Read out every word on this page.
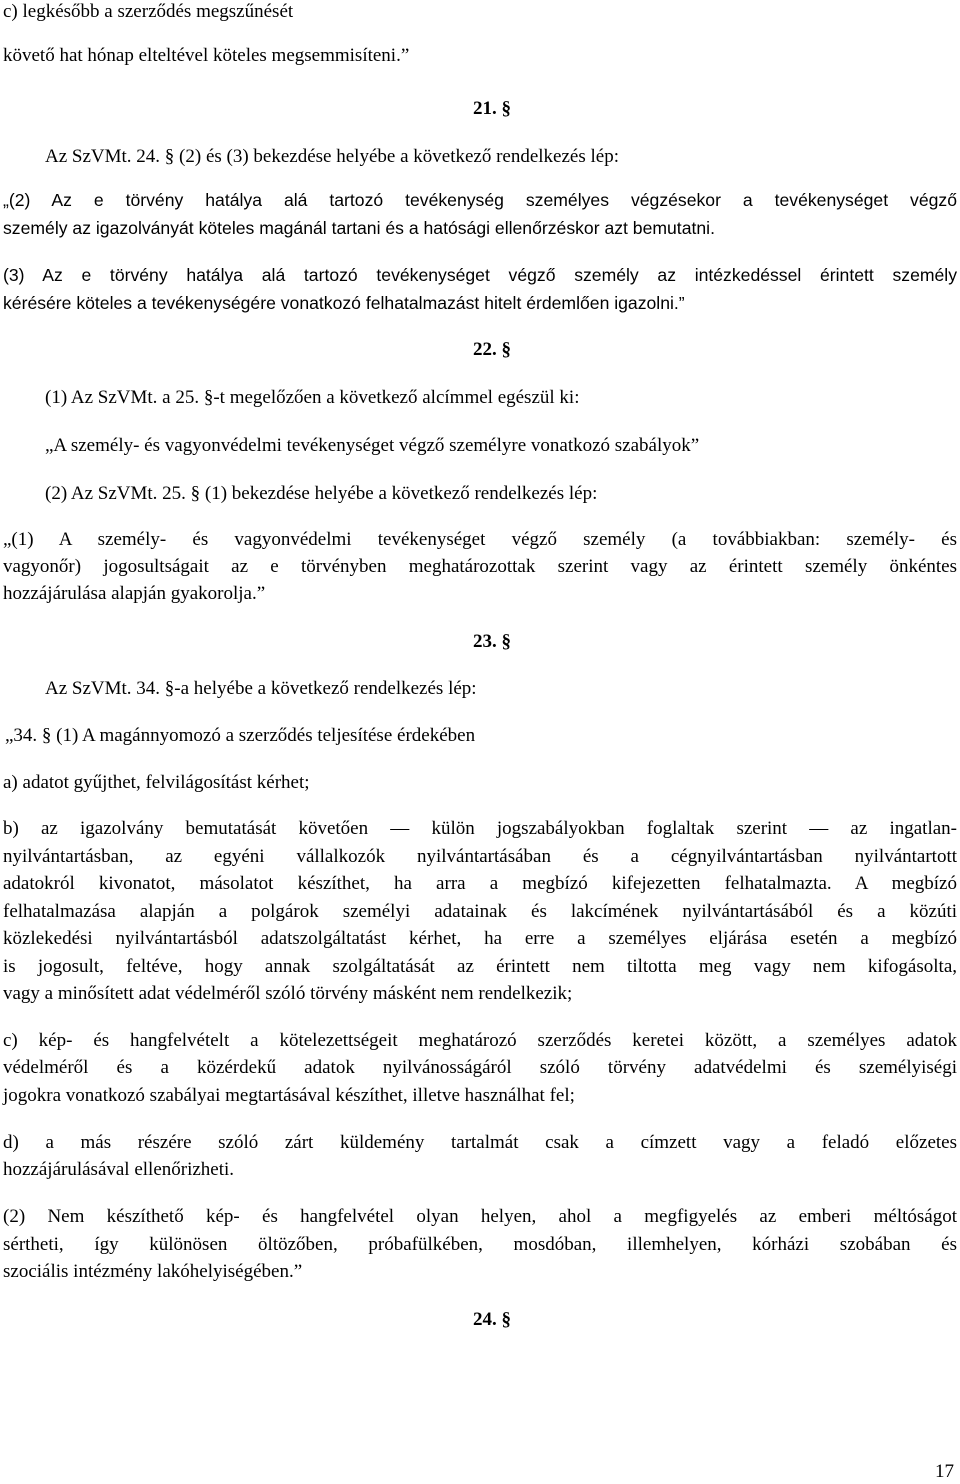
c) legkésőbb a szerződés megszűnését
követő hat hónap elteltével köteles megsemmisíteni.”
21. §
Az SzVMt. 24. § (2) és (3) bekezdése helyébe a következő rendelkezés lép:
„(2) Az e törvény hatálya alá tartozó tevékenység személyes végzésekor a tevékenységet végző
személy az igazolványát köteles magánál tartani és a hatósági ellenőrzéskor azt bemutatni.
(3) Az e törvény hatálya alá tartozó tevékenységet végző személy az intézkedéssel érintett személy
kérésére köteles a tevékenységére vonatkozó felhatalmazást hitelt érdemlően igazolni.”
22. §
(1) Az SzVMt. a 25. §-t megelőzően a következő alcímmel egészül ki:
„A személy- és vagyonvédelmi tevékenységet végző személyre vonatkozó szabályok”
(2) Az SzVMt. 25. § (1) bekezdése helyébe a következő rendelkezés lép:
„(1) A személy- és vagyonvédelmi tevékenységet végző személy (a továbbiakban: személy- és
vagyonőr) jogosultságait az e törvényben meghatározottak szerint vagy az érintett személy önkéntes
hozzájárulása alapján gyakorolja.”
23. §
Az SzVMt. 34. §-a helyébe a következő rendelkezés lép:
„34. § (1) A magánnyomozó a szerződés teljesítése érdekében
a) adatot gyűjthet, felvilágosítást kérhet;
b) az igazolvány bemutatását követően — külön jogszabályokban foglaltak szerint — az ingatlan-
nyilvántartásban, az egyéni vállalkozók nyilvántartásában és a cégnyilvántartásban nyilvántartott
adatokról kivonatot, másolatot készíthet, ha arra a megbízó kifejezetten felhatalmazta. A megbízó
felhatalmazása alapján a polgárok személyi adatainak és lakcímének nyilvántartásából és a közúti
közlekedési nyilvántartásból adatszolgáltatást kérhet, ha erre a személyes eljárása esetén a megbízó
is jogosult, feltéve, hogy annak szolgáltatását az érintett nem tiltotta meg vagy nem kifogásolta,
vagy a minősített adat védelméről szóló törvény másként nem rendelkezik;
c) kép- és hangfelvételt a kötelezettségeit meghatározó szerződés keretei között, a személyes adatok
védelméről és a közérdekű adatok nyilvánosságáról szóló törvény adatvédelmi és személyiségi
jogokra vonatkozó szabályai megtartásával készíthet, illetve használhat fel;
d) a más részére szóló zárt küldemény tartalmát csak a címzett vagy a feladó előzetes
hozzájárulásával ellenőrizheti.
(2) Nem készíthető kép- és hangfelvétel olyan helyen, ahol a megfigyelés az emberi méltóságot
sértheti, így különösen öltözőben, próbafülkében, mosdóban, illemhelyen, kórházi szobában és
szociális intézmény lakóhelyiségében.”
24. §
17
